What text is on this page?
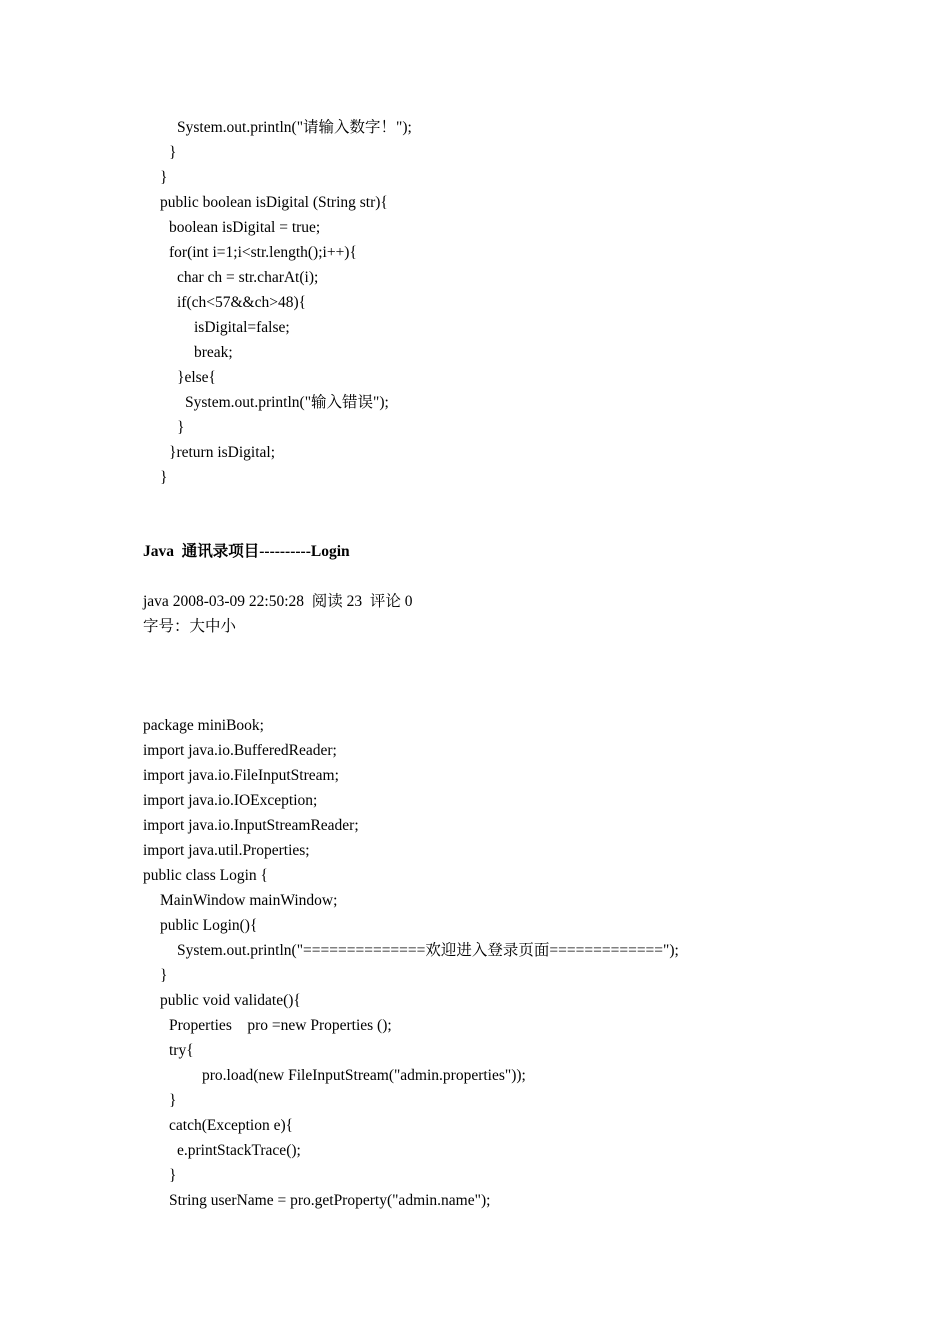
System.out.println("请输入数字！");
}
}
public boolean isDigital (String str){
boolean isDigital = true;
for(int i=1;i<str.length();i++){
char ch = str.charAt(i);
if(ch<57&&ch>48){
isDigital=false;
break;
}else{
System.out.println("输入错误");
}
}return isDigital;
}
Java  通讯录项目----------Login
java 2008-03-09 22:50:28  阅读 23  评论 0
字号：大中小
package miniBook;
import java.io.BufferedReader;
import java.io.FileInputStream;
import java.io.IOException;
import java.io.InputStreamReader;
import java.util.Properties;
public class Login {
MainWindow mainWindow;
public Login(){
System.out.println("==============欢迎进入登录页面=============");
}
public void validate(){
Properties    pro =new Properties ();
try{
pro.load(new FileInputStream("admin.properties"));
}
catch(Exception e){
e.printStackTrace();
}
String userName = pro.getProperty("admin.name");
